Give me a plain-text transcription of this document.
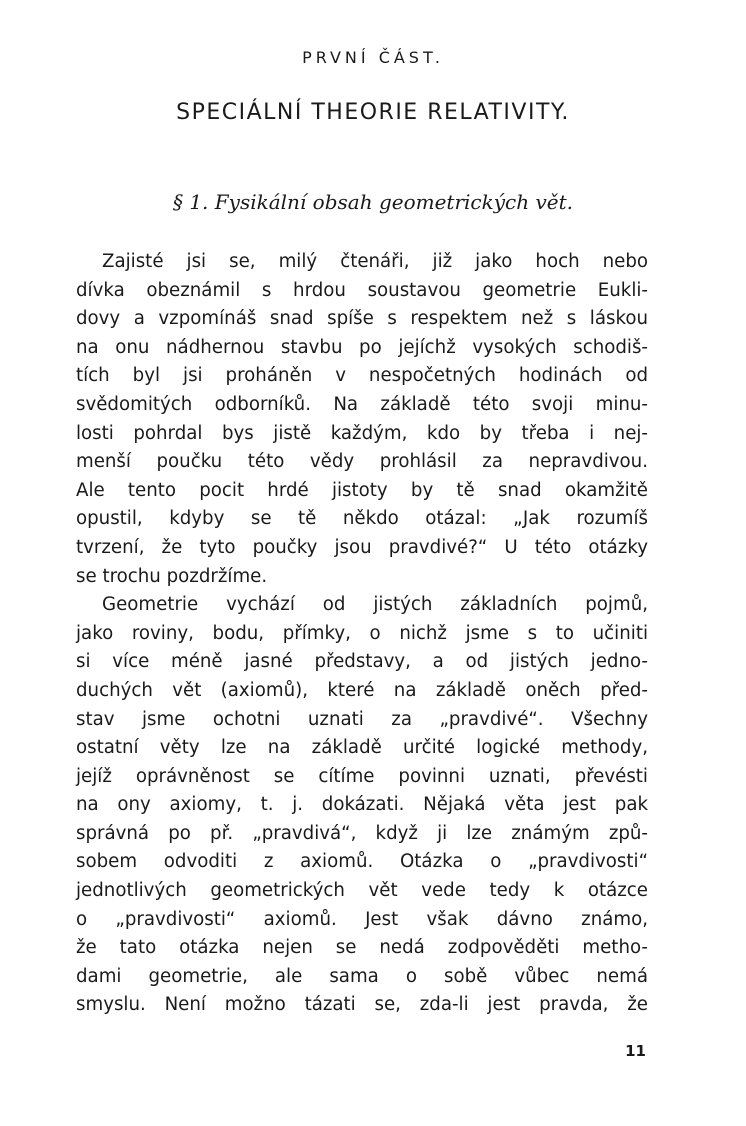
PRVNÍ ČÁST.
SPECIÁLNÍ THEORIE RELATIVITY.
§ 1. Fysikální obsah geometrických vět.
Zajisté jsi se, milý čtenáři, již jako hoch nebo
dívka obeznámil s hrdou soustavou geometrie Eukli-
dovy a vzpomínáš snad spíše s respektem než s láskou
na onu nádhernou stavbu po jejíchž vysokých schodiš-
tích byl jsi proháněn v nespočetných hodinách od
svědomitých odborníků. Na základě této svoji minu-
losti pohrdal bys jistě každým, kdo by třeba i nej-
menší poučku této vědy prohlásil za nepravdivou.
Ale tento pocit hrdé jistoty by tě snad okamžitě
opustil, kdyby se tě někdo otázal: „Jak rozumíš
tvrzení, že tyto poučky jsou pravdivé?“ U této otázky
se trochu pozdržíme.
Geometrie vychází od jistých základních pojmů,
jako roviny, bodu, přímky, o nichž jsme s to učiniti
si více méně jasné představy, a od jistých jedno-
duchých vět (axiomů), které na základě oněch před-
stav jsme ochotni uznati za „pravdivé“. Všechny
ostatní věty lze na základě určité logické methody,
jejíž oprávněnost se cítíme povinni uznati, převésti
na ony axiomy, t. j. dokázati. Nějaká věta jest pak
správná po př. „pravdivá“, když ji lze známým způ-
sobem odvoditi z axiomů. Otázka o „pravdivosti“
jednotlivých geometrických vět vede tedy k otázce
o „pravdivosti“ axiomů. Jest však dávno známo,
že tato otázka nejen se nedá zodpověděti metho-
dami geometrie, ale sama o sobě vůbec nemá
smyslu. Není možno tázati se, zda-li jest pravda, že
11
